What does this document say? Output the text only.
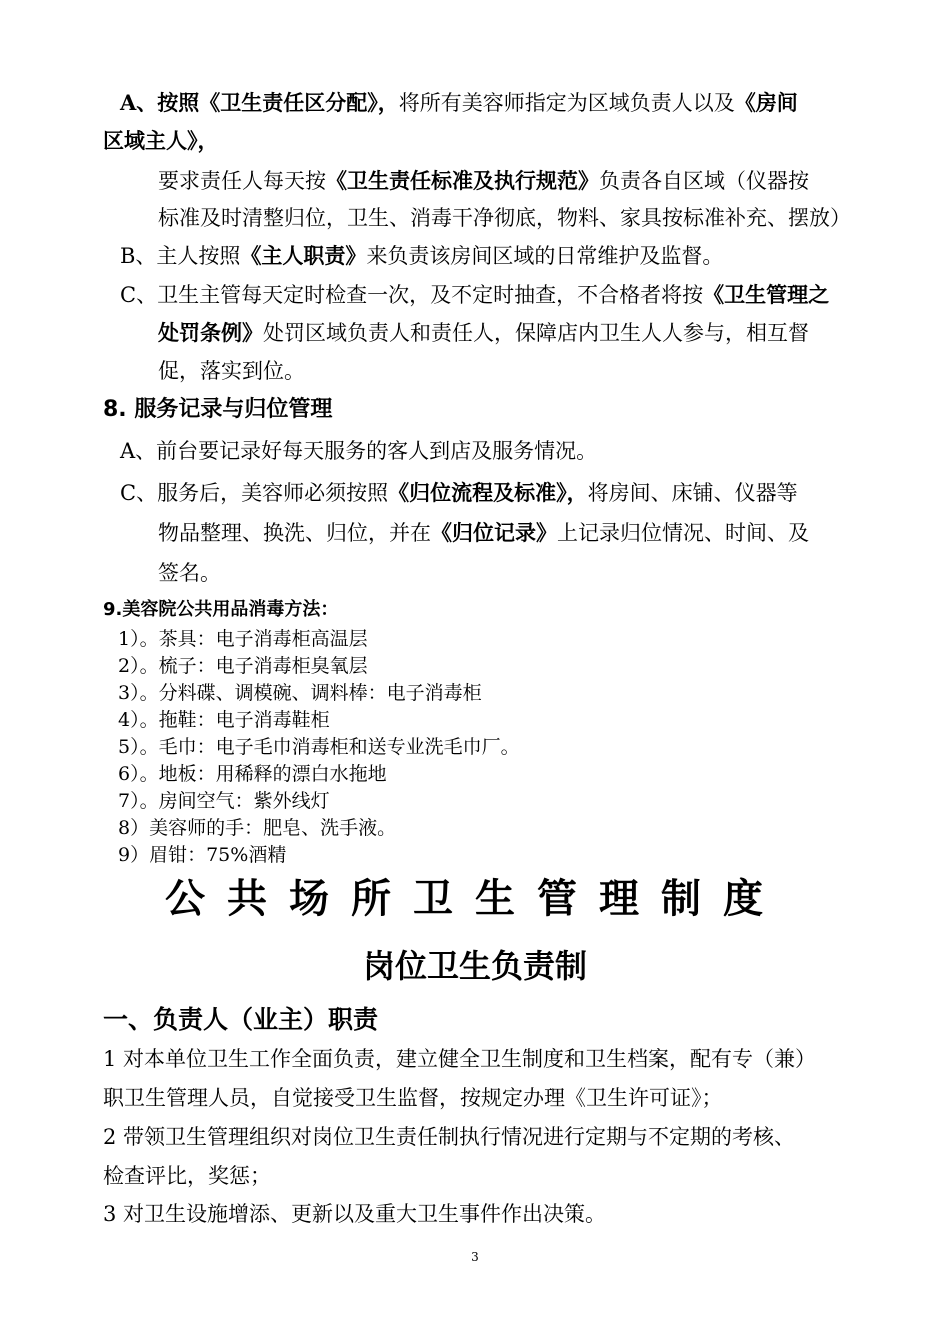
A、按照《卫生责任区分配》，将所有美容师指定为区域负责人以及《房间
区域主人》，
要求责任人每天按《卫生责任标准及执行规范》负责各自区域（仪器按
标准及时清整归位，卫生、消毒干净彻底，物料、家具按标准补充、摆放）
B、主人按照《主人职责》来负责该房间区域的日常维护及监督。
C、卫生主管每天定时检查一次，及不定时抽查，不合格者将按《卫生管理之
处罚条例》处罚区域负责人和责任人，保障店内卫生人人参与，相互督
促，落实到位。
8. 服务记录与归位管理
A、前台要记录好每天服务的客人到店及服务情况。
C、服务后，美容师必须按照《归位流程及标准》，将房间、床铺、仪器等
物品整理、换洗、归位，并在《归位记录》上记录归位情况、时间、及
签名。
9.美容院公共用品消毒方法：
1）。茶具：电子消毒柜高温层
2）。梳子：电子消毒柜臭氧层
3）。分料碟、调模碗、调料棒：电子消毒柜
4）。拖鞋：电子消毒鞋柜
5）。毛巾：电子毛巾消毒柜和送专业洗毛巾厂。
6）。地板：用稀释的漂白水拖地
7）。房间空气：紫外线灯
8）美容师的手：肥皂、洗手液。
9）眉钳：75%酒精
公共场所卫生管理制度
岗位卫生负责制
一、负责人（业主）职责
1 对本单位卫生工作全面负责，建立健全卫生制度和卫生档案，配有专（兼）
职卫生管理人员，自觉接受卫生监督，按规定办理《卫生许可证》；
2 带领卫生管理组织对岗位卫生责任制执行情况进行定期与不定期的考核、
检查评比，奖惩；
3 对卫生设施增添、更新以及重大卫生事件作出决策。
3
